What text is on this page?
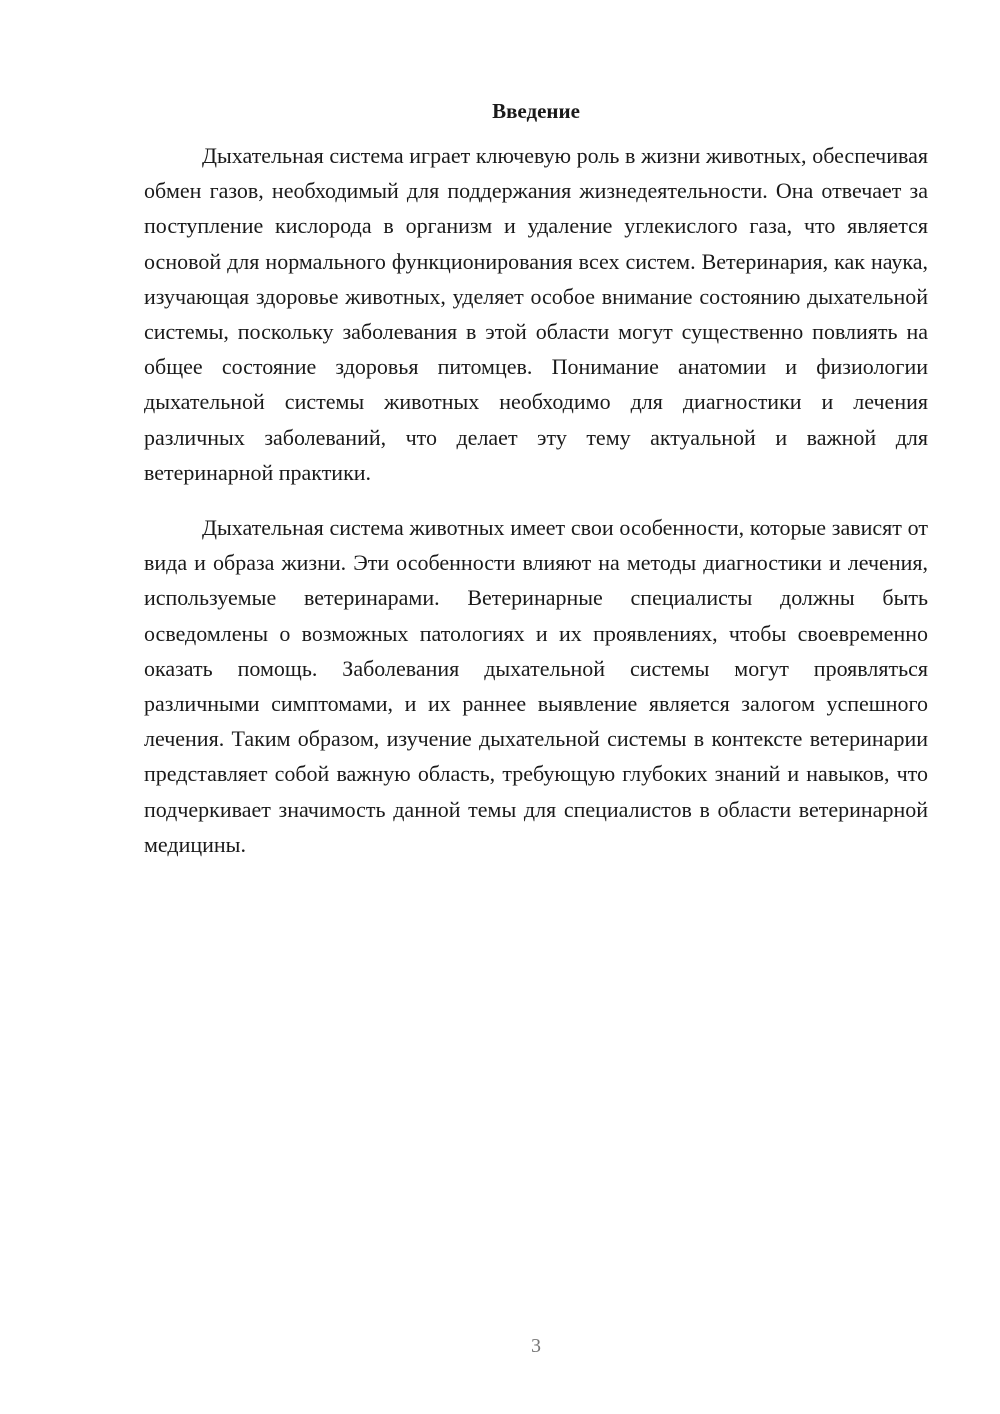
Введение

Дыхательная система играет ключевую роль в жизни животных, обеспечивая обмен газов, необходимый для поддержания жизнедеятельности. Она отвечает за поступление кислорода в организм и удаление углекислого газа, что является основой для нормального функционирования всех систем. Ветеринария, как наука, изучающая здоровье животных, уделяет особое внимание состоянию дыхательной системы, поскольку заболевания в этой области могут существенно повлиять на общее состояние здоровья питомцев. Понимание анатомии и физиологии дыхательной системы животных необходимо для диагностики и лечения различных заболеваний, что делает эту тему актуальной и важной для ветеринарной практики.

Дыхательная система животных имеет свои особенности, которые зависят от вида и образа жизни. Эти особенности влияют на методы диагностики и лечения, используемые ветеринарами. Ветеринарные специалисты должны быть осведомлены о возможных патологиях и их проявлениях, чтобы своевременно оказать помощь. Заболевания дыхательной системы могут проявляться различными симптомами, и их раннее выявление является залогом успешного лечения. Таким образом, изучение дыхательной системы в контексте ветеринарии представляет собой важную область, требующую глубоких знаний и навыков, что подчеркивает значимость данной темы для специалистов в области ветеринарной медицины.

3
